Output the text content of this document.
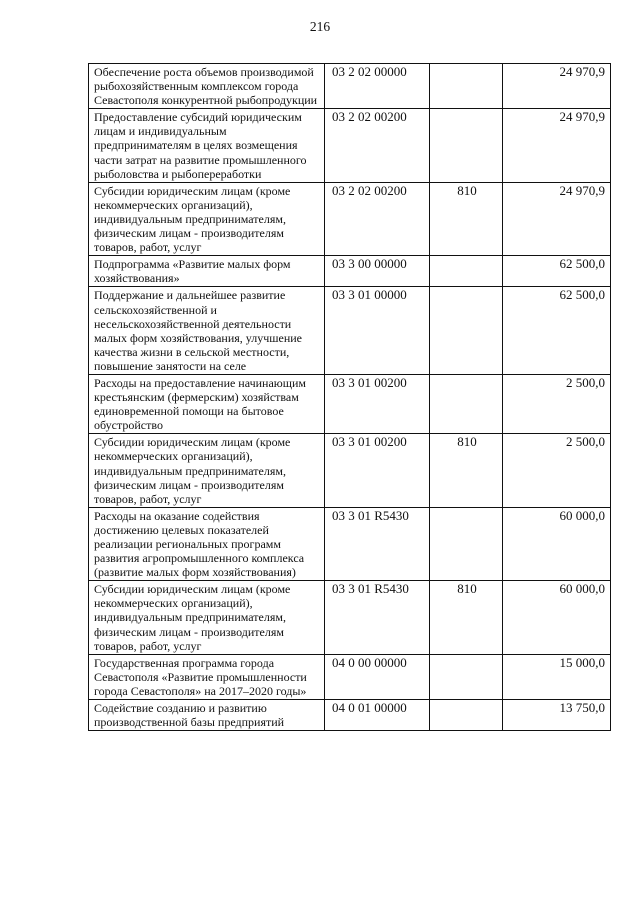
216
Обеспечение роста объемов производимой рыбохозяйственным комплексом города Севастополя конкурентной рыбопродукции	03 2 02 00000		24 970,9
Предоставление субсидий юридическим лицам и индивидуальным предпринимателям в целях возмещения части затрат на развитие промышленного рыболовства и рыбопереработки	03 2 02 00200		24 970,9
Субсидии юридическим лицам (кроме некоммерческих организаций), индивидуальным предпринимателям, физическим лицам - производителям товаров, работ, услуг	03 2 02 00200	810	24 970,9
Подпрограмма «Развитие малых форм хозяйствования»	03 3 00 00000		62 500,0
Поддержание и дальнейшее развитие сельскохозяйственной и несельскохозяйственной деятельности малых форм хозяйствования, улучшение качества жизни в сельской местности, повышение занятости на селе	03 3 01 00000		62 500,0
Расходы на предоставление начинающим крестьянским (фермерским) хозяйствам единовременной помощи на бытовое обустройство	03 3 01 00200		2 500,0
Субсидии юридическим лицам (кроме некоммерческих организаций), индивидуальным предпринимателям, физическим лицам - производителям товаров, работ, услуг	03 3 01 00200	810	2 500,0
Расходы на оказание содействия достижению целевых показателей реализации региональных программ развития агропромышленного комплекса (развитие малых форм хозяйствования)	03 3 01 R5430		60 000,0
Субсидии юридическим лицам (кроме некоммерческих организаций), индивидуальным предпринимателям, физическим лицам - производителям товаров, работ, услуг	03 3 01 R5430	810	60 000,0
Государственная программа города Севастополя «Развитие промышленности города Севастополя» на 2017–2020 годы»	04 0 00 00000		15 000,0
Содействие созданию и развитию производственной базы предприятий	04 0 01 00000		13 750,0
